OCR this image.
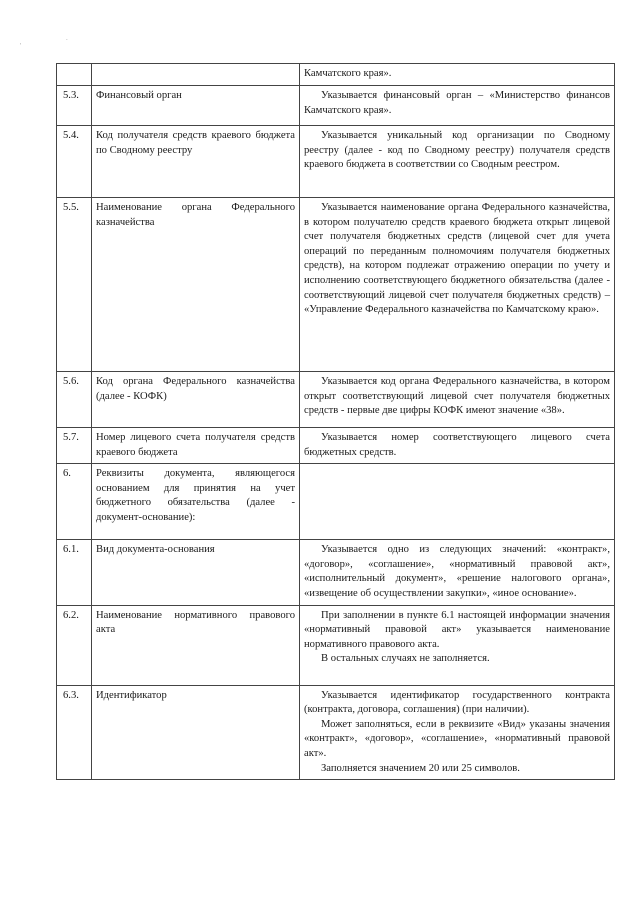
'
.

		Камчатского края».

5.3.	Финансовый орган	Указывается финансовый орган – «Министерство финансов Камчатского края».

5.4.	Код получателя средств краевого бюджета по Сводному реестру	Указывается уникальный код организации по Сводному реестру (далее - код по Сводному реестру) получателя средств краевого бюджета в соответствии со Сводным реестром.

5.5.	Наименование органа Федерального казначейства	Указывается наименование органа Федерального казначейства, в котором получателю средств краевого бюджета открыт лицевой счет получателя бюджетных средств (лицевой счет для учета операций по переданным полномочиям получателя бюджетных средств), на котором подлежат отражению операции по учету и исполнению соответствующего бюджетного обязательства (далее - соответствующий лицевой счет получателя бюджетных средств) – «Управление Федерального казначейства по Камчатскому краю».

5.6.	Код органа Федерального казначейства (далее - КОФК)	Указывается код органа Федерального казначейства, в котором открыт соответствующий лицевой счет получателя бюджетных средств - первые две цифры КОФК имеют значение «38».

5.7.	Номер лицевого счета получателя средств краевого бюджета	Указывается номер соответствующего лицевого счета бюджетных средств.

6.	Реквизиты документа, являющегося основанием для принятия на учет бюджетного обязательства (далее - документ-основание):	
6.1.	Вид документа-основания	Указывается одно из следующих значений: «контракт», «договор», «соглашение», «нормативный правовой акт», «исполнительный документ», «решение налогового органа», «извещение об осуществлении закупки», «иное основание».

6.2.	Наименование нормативного правового акта	При заполнении в пункте 6.1 настоящей информации значения «нормативный правовой акт» указывается наименование нормативного правового акта.

В остальных случаях не заполняется.

6.3.	Идентификатор	Указывается идентификатор государственного контракта (контракта, договора, соглашения) (при наличии).

Может заполняться, если в реквизите «Вид» указаны значения «контракт», «договор», «соглашение», «нормативный правовой акт».

Заполняется значением 20 или 25 символов.
